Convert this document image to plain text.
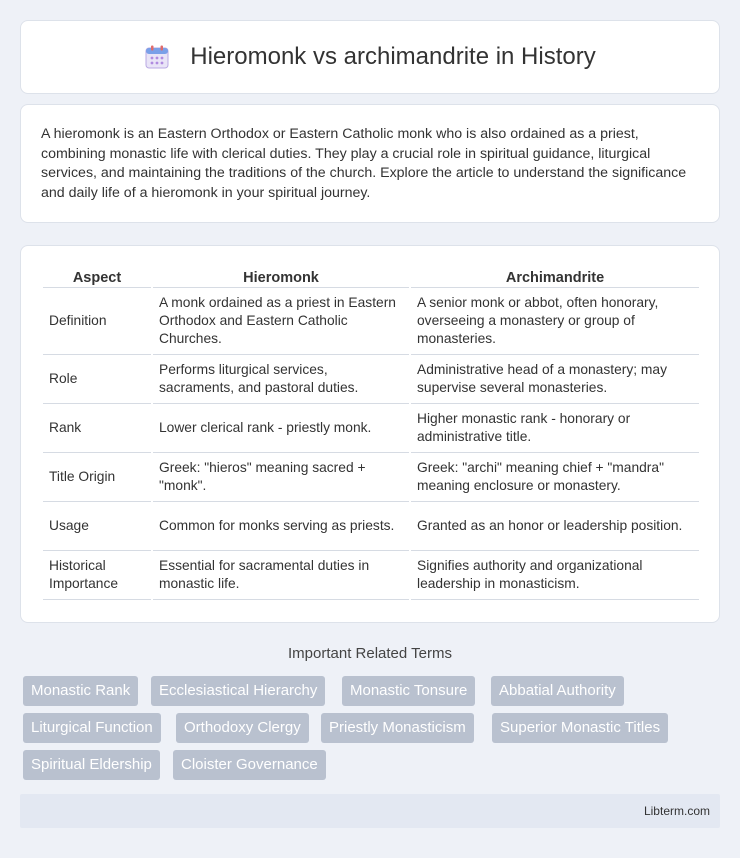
Hieromonk vs archimandrite in History

A hieromonk is an Eastern Orthodox or Eastern Catholic monk who is also ordained as a priest, combining monastic life with clerical duties. They play a crucial role in spiritual guidance, liturgical services, and maintaining the traditions of the church. Explore the article to understand the significance and daily life of a hieromonk in your spiritual journey.

Aspect	Hieromonk	Archimandrite
Definition	A monk ordained as a priest in Eastern Orthodox and Eastern Catholic Churches.	A senior monk or abbot, often honorary, overseeing a monastery or group of monasteries.
Role	Performs liturgical services, sacraments, and pastoral duties.	Administrative head of a monastery; may supervise several monasteries.
Rank	Lower clerical rank - priestly monk.	Higher monastic rank - honorary or administrative title.
Title Origin	Greek: "hieros" meaning sacred + "monk".	Greek: "archi" meaning chief + "mandra" meaning enclosure or monastery.
Usage	Common for monks serving as priests.	Granted as an honor or leadership position.
Historical Importance	Essential for sacramental duties in monastic life.	Signifies authority and organizational leadership in monasticism.
Important Related Terms
Monastic Rank	Ecclesiastical Hierarchy	Monastic Tonsure	Abbatial Authority
Liturgical Function	Orthodoxy Clergy	Priestly Monasticism	Superior Monastic Titles
Spiritual Eldership	Cloister Governance
Libterm.com
